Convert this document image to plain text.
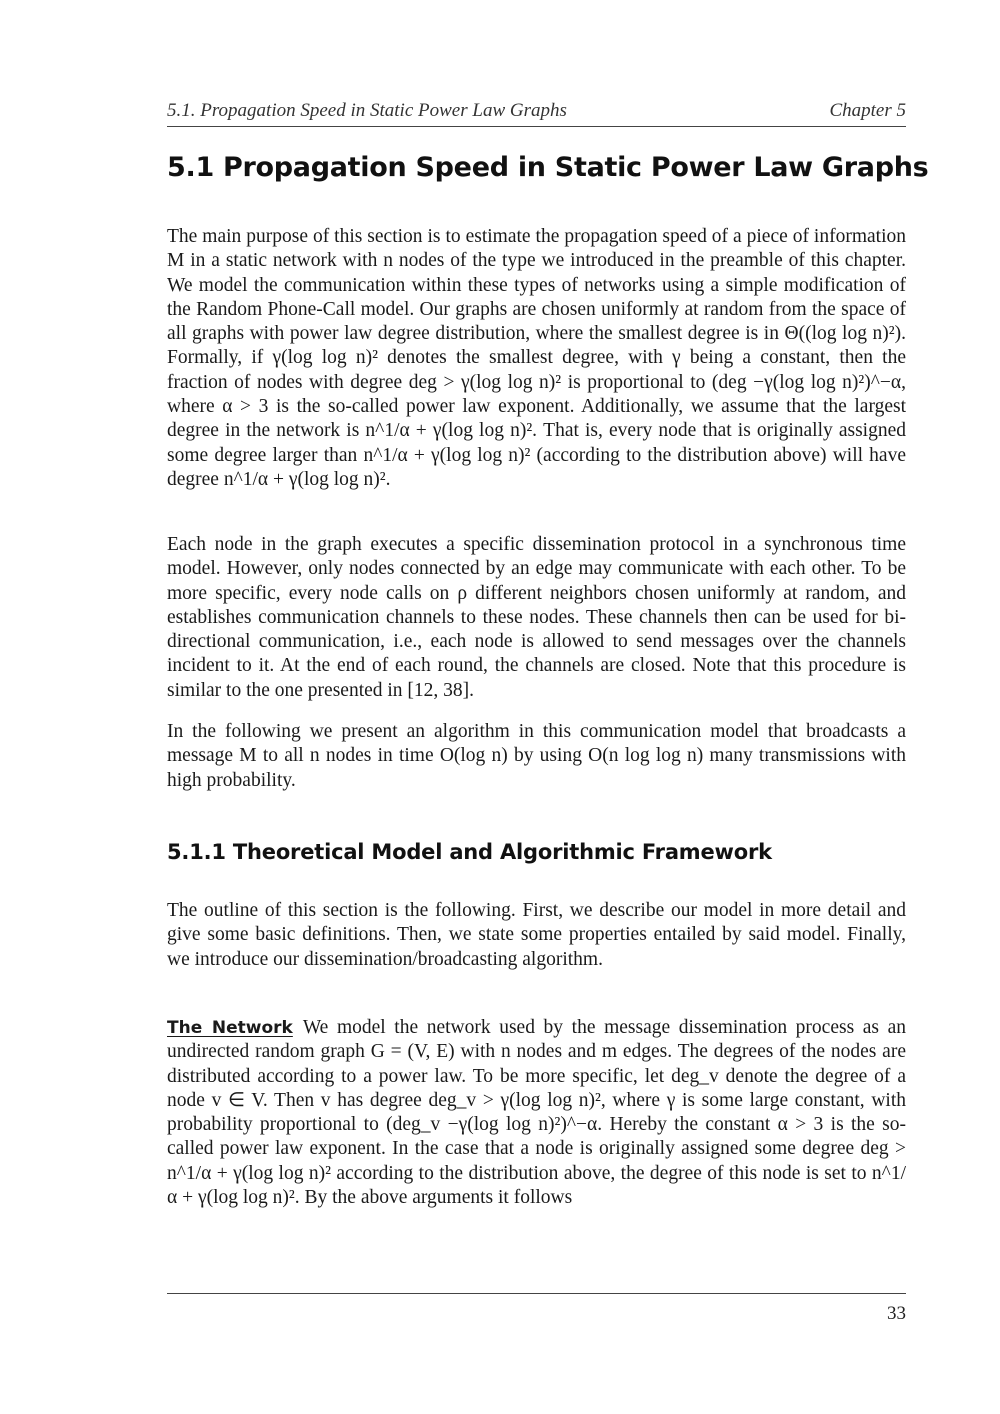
5.1. Propagation Speed in Static Power Law Graphs	Chapter 5
5.1 Propagation Speed in Static Power Law Graphs

The main purpose of this section is to estimate the propagation speed of a piece of information M in a static network with n nodes of the type we introduced in the preamble of this chapter. We model the communication within these types of networks using a simple modification of the Random Phone-Call model. Our graphs are chosen uniformly at random from the space of all graphs with power law degree distribution, where the smallest degree is in Θ((log log n)²). Formally, if γ(log log n)² denotes the smallest degree, with γ being a constant, then the fraction of nodes with degree deg > γ(log log n)² is proportional to (deg −γ(log log n)²)^−α, where α > 3 is the so-called power law exponent. Additionally, we assume that the largest degree in the network is n^1/α + γ(log log n)². That is, every node that is originally assigned some degree larger than n^1/α + γ(log log n)² (according to the distribution above) will have degree n^1/α + γ(log log n)².

Each node in the graph executes a specific dissemination protocol in a synchronous time model. However, only nodes connected by an edge may communicate with each other. To be more specific, every node calls on ρ different neighbors chosen uniformly at random, and establishes communication channels to these nodes. These channels then can be used for bi-directional communication, i.e., each node is allowed to send messages over the channels incident to it. At the end of each round, the channels are closed. Note that this procedure is similar to the one presented in [12, 38].

In the following we present an algorithm in this communication model that broadcasts a message M to all n nodes in time O(log n) by using O(n log log n) many transmissions with high probability.

5.1.1 Theoretical Model and Algorithmic Framework

The outline of this section is the following. First, we describe our model in more detail and give some basic definitions. Then, we state some properties entailed by said model. Finally, we introduce our dissemination/broadcasting algorithm.

The Network We model the network used by the message dissemination process as an undirected random graph G = (V, E) with n nodes and m edges. The degrees of the nodes are distributed according to a power law. To be more specific, let deg_v denote the degree of a node v ∈ V. Then v has degree deg_v > γ(log log n)², where γ is some large constant, with probability proportional to (deg_v −γ(log log n)²)^−α. Hereby the constant α > 3 is the so-called power law exponent. In the case that a node is originally assigned some degree deg > n^1/α + γ(log log n)² according to the distribution above, the degree of this node is set to n^1/α + γ(log log n)². By the above arguments it follows

33
